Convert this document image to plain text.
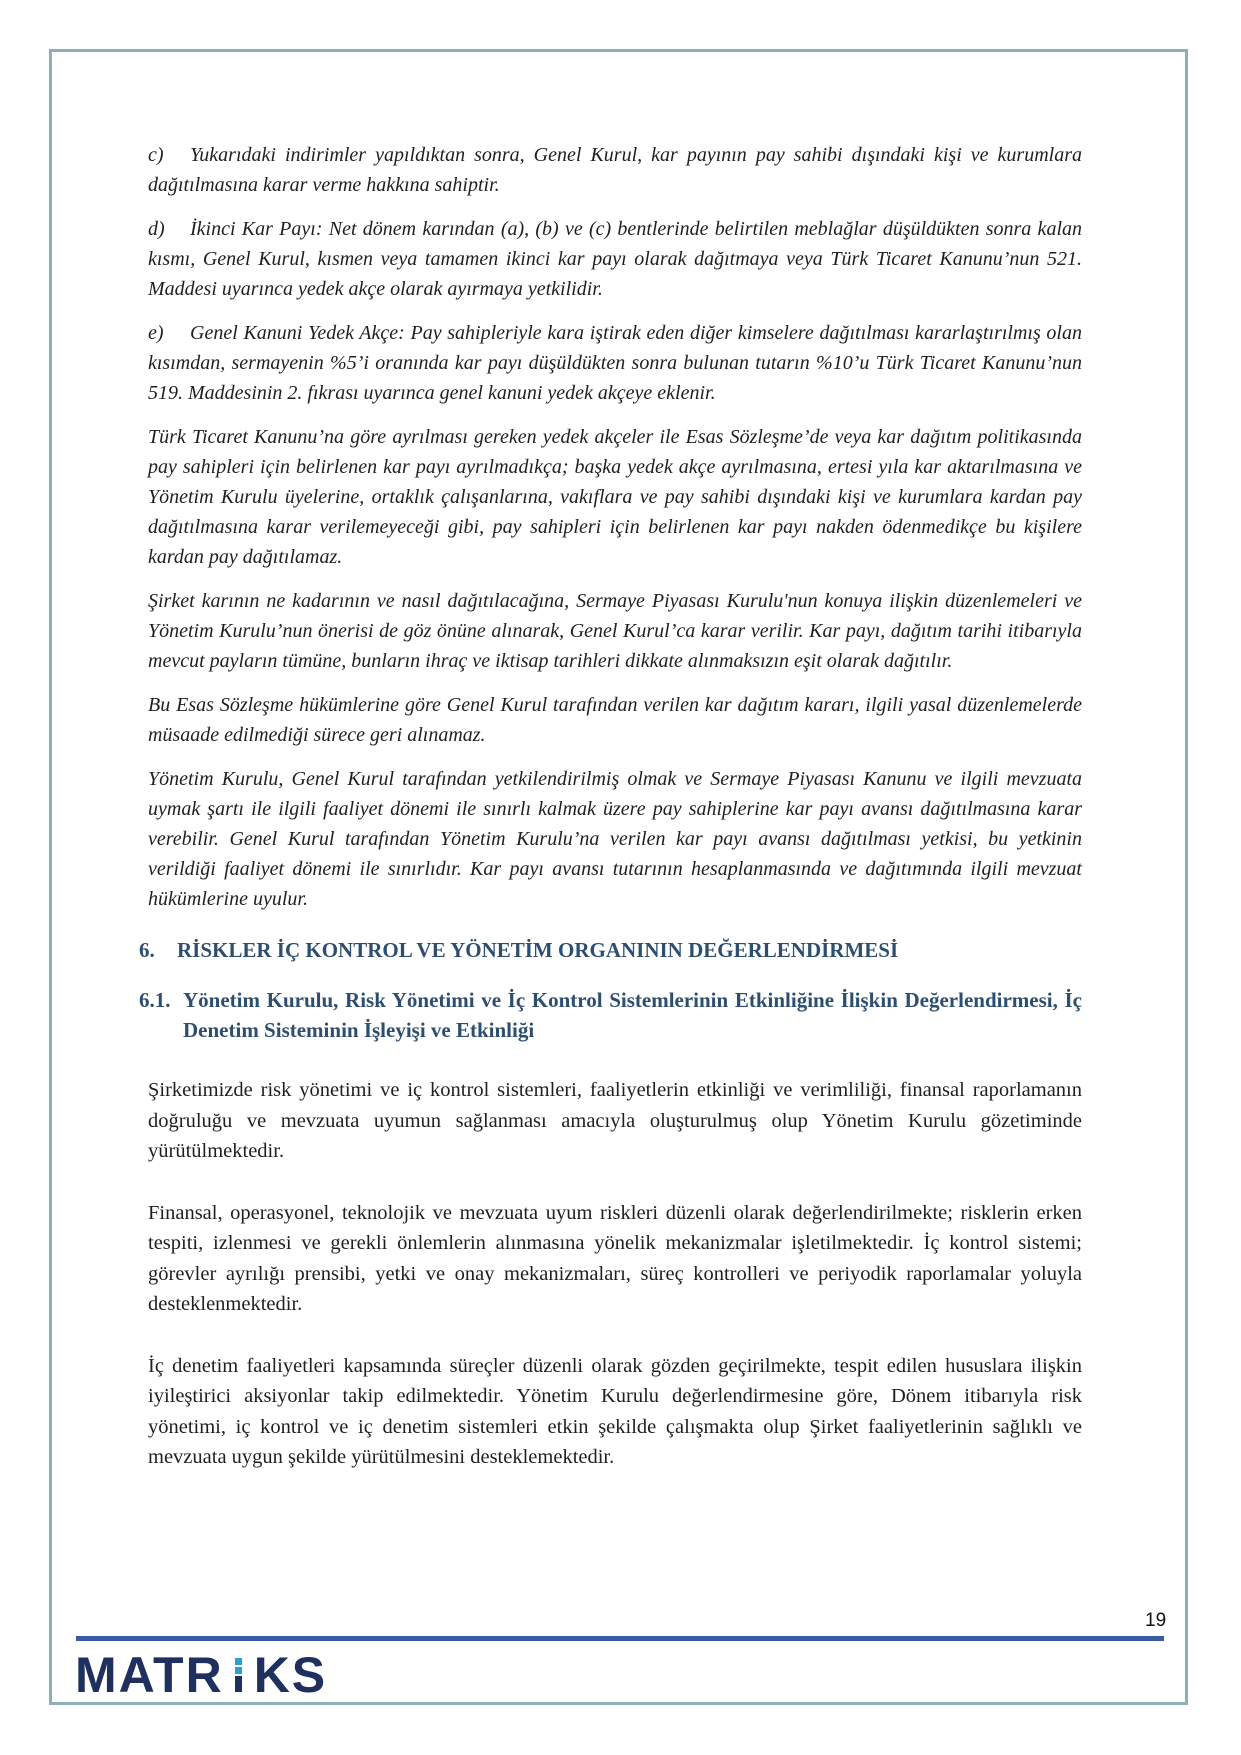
c) Yukarıdaki indirimler yapıldıktan sonra, Genel Kurul, kar payının pay sahibi dışındaki kişi ve kurumlara dağıtılmasına karar verme hakkına sahiptir.

d) İkinci Kar Payı: Net dönem karından (a), (b) ve (c) bentlerinde belirtilen meblağlar düşüldükten sonra kalan kısmı, Genel Kurul, kısmen veya tamamen ikinci kar payı olarak dağıtmaya veya Türk Ticaret Kanunu’nun 521. Maddesi uyarınca yedek akçe olarak ayırmaya yetkilidir.

e) Genel Kanuni Yedek Akçe: Pay sahipleriyle kara iştirak eden diğer kimselere dağıtılması kararlaştırılmış olan kısımdan, sermayenin %5’i oranında kar payı düşüldükten sonra bulunan tutarın %10’u Türk Ticaret Kanunu’nun 519. Maddesinin 2. fıkrası uyarınca genel kanuni yedek akçeye eklenir.

Türk Ticaret Kanunu’na göre ayrılması gereken yedek akçeler ile Esas Sözleşme’de veya kar dağıtım politikasında pay sahipleri için belirlenen kar payı ayrılmadıkça; başka yedek akçe ayrılmasına, ertesi yıla kar aktarılmasına ve Yönetim Kurulu üyelerine, ortaklık çalışanlarına, vakıflara ve pay sahibi dışındaki kişi ve kurumlara kardan pay dağıtılmasına karar verilemeyeceği gibi, pay sahipleri için belirlenen kar payı nakden ödenmedikçe bu kişilere kardan pay dağıtılamaz.

Şirket karının ne kadarının ve nasıl dağıtılacağına, Sermaye Piyasası Kurulu'nun konuya ilişkin düzenlemeleri ve Yönetim Kurulu’nun önerisi de göz önüne alınarak, Genel Kurul’ca karar verilir. Kar payı, dağıtım tarihi itibarıyla mevcut payların tümüne, bunların ihraç ve iktisap tarihleri dikkate alınmaksızın eşit olarak dağıtılır.

Bu Esas Sözleşme hükümlerine göre Genel Kurul tarafından verilen kar dağıtım kararı, ilgili yasal düzenlemelerde müsaade edilmediği sürece geri alınamaz.

Yönetim Kurulu, Genel Kurul tarafından yetkilendirilmiş olmak ve Sermaye Piyasası Kanunu ve ilgili mevzuata uymak şartı ile ilgili faaliyet dönemi ile sınırlı kalmak üzere pay sahiplerine kar payı avansı dağıtılmasına karar verebilir. Genel Kurul tarafından Yönetim Kurulu’na verilen kar payı avansı dağıtılması yetkisi, bu yetkinin verildiği faaliyet dönemi ile sınırlıdır. Kar payı avansı tutarının hesaplanmasında ve dağıtımında ilgili mevzuat hükümlerine uyulur.

6.	RİSKLER İÇ KONTROL VE YÖNETİM ORGANININ DEĞERLENDİRMESİ
6.1. Yönetim Kurulu, Risk Yönetimi ve İç Kontrol Sistemlerinin Etkinliğine İlişkin Değerlendirmesi, İç Denetim Sisteminin İşleyişi ve Etkinliği

Şirketimizde risk yönetimi ve iç kontrol sistemleri, faaliyetlerin etkinliği ve verimliliği, finansal raporlamanın doğruluğu ve mevzuata uyumun sağlanması amacıyla oluşturulmuş olup Yönetim Kurulu gözetiminde yürütülmektedir.

Finansal, operasyonel, teknolojik ve mevzuata uyum riskleri düzenli olarak değerlendirilmekte; risklerin erken tespiti, izlenmesi ve gerekli önlemlerin alınmasına yönelik mekanizmalar işletilmektedir. İç kontrol sistemi; görevler ayrılığı prensibi, yetki ve onay mekanizmaları, süreç kontrolleri ve periyodik raporlamalar yoluyla desteklenmektedir.

İç denetim faaliyetleri kapsamında süreçler düzenli olarak gözden geçirilmekte, tespit edilen hususlara ilişkin iyileştirici aksiyonlar takip edilmektedir. Yönetim Kurulu değerlendirmesine göre, Dönem itibarıyla risk yönetimi, iç kontrol ve iç denetim sistemleri etkin şekilde çalışmakta olup Şirket faaliyetlerinin sağlıklı ve mevzuata uygun şekilde yürütülmesini desteklemektedir.

19
MATR KS
